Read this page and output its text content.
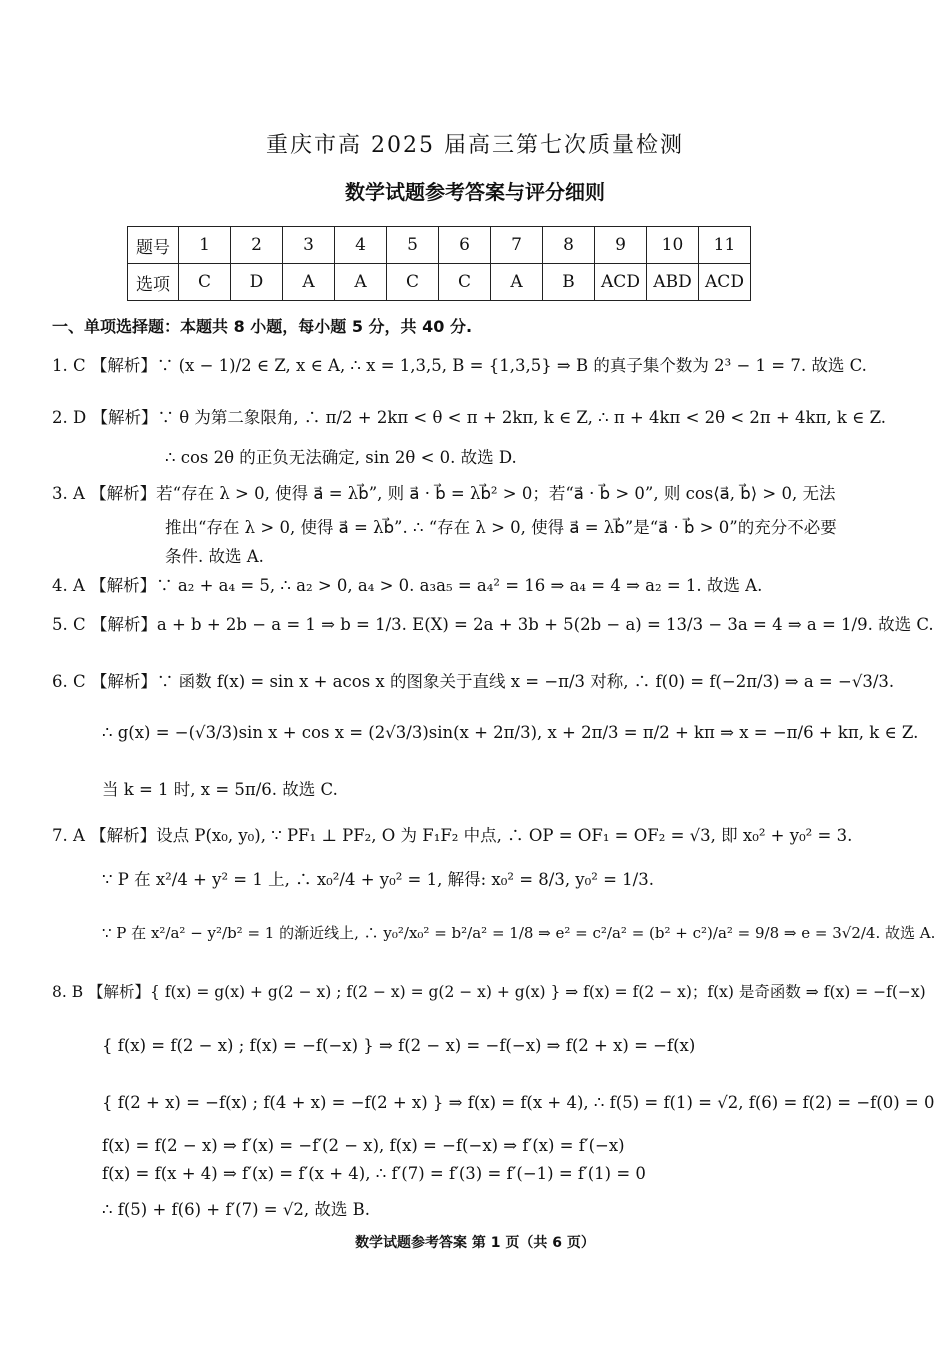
重庆市高 2025 届高三第七次质量检测
数学试题参考答案与评分细则
题号	1	2	3	4	5	6	7	8	9	10	11
选项	C	D	A	A	C	C	A	B	ACD	ABD	ACD
一、单项选择题：本题共 8 小题，每小题 5 分，共 40 分.
1. C 【解析】∵ (x − 1)/2 ∈ Z, x ∈ A, ∴ x = 1,3,5, B = {1,3,5} ⇒ B 的真子集个数为 2³ − 1 = 7. 故选 C.
2. D 【解析】∵ θ 为第二象限角, ∴ π/2 + 2kπ < θ < π + 2kπ, k ∈ Z, ∴ π + 4kπ < 2θ < 2π + 4kπ, k ∈ Z.
∴ cos 2θ 的正负无法确定, sin 2θ < 0. 故选 D.
3. A 【解析】若“存在 λ > 0, 使得 a⃗ = λb⃗”, 则 a⃗ · b⃗ = λb⃗² > 0；若“a⃗ · b⃗ > 0”, 则 cos⟨a⃗, b⃗⟩ > 0, 无法
推出“存在 λ > 0, 使得 a⃗ = λb⃗”. ∴ “存在 λ > 0, 使得 a⃗ = λb⃗”是“a⃗ · b⃗ > 0”的充分不必要
条件. 故选 A.
4. A 【解析】∵ a₂ + a₄ = 5, ∴ a₂ > 0, a₄ > 0. a₃a₅ = a₄² = 16 ⇒ a₄ = 4 ⇒ a₂ = 1. 故选 A.
5. C 【解析】a + b + 2b − a = 1 ⇒ b = 1/3. E(X) = 2a + 3b + 5(2b − a) = 13/3 − 3a = 4 ⇒ a = 1/9. 故选 C.
6. C 【解析】∵ 函数 f(x) = sin x + acos x 的图象关于直线 x = −π/3 对称, ∴ f(0) = f(−2π/3) ⇒ a = −√3/3.
∴ g(x) = −(√3/3)sin x + cos x = (2√3/3)sin(x + 2π/3), x + 2π/3 = π/2 + kπ ⇒ x = −π/6 + kπ, k ∈ Z.
当 k = 1 时, x = 5π/6. 故选 C.
7. A 【解析】设点 P(x₀, y₀), ∵ PF₁ ⊥ PF₂, O 为 F₁F₂ 中点, ∴ OP = OF₁ = OF₂ = √3, 即 x₀² + y₀² = 3.
∵ P 在 x²/4 + y² = 1 上, ∴ x₀²/4 + y₀² = 1, 解得: x₀² = 8/3, y₀² = 1/3.
∵ P 在 x²/a² − y²/b² = 1 的渐近线上, ∴ y₀²/x₀² = b²/a² = 1/8 ⇒ e² = c²/a² = (b² + c²)/a² = 9/8 ⇒ e = 3√2/4. 故选 A.
8. B 【解析】{ f(x) = g(x) + g(2 − x) ; f(2 − x) = g(2 − x) + g(x) } ⇒ f(x) = f(2 − x)；f(x) 是奇函数 ⇒ f(x) = −f(−x)
{ f(x) = f(2 − x) ; f(x) = −f(−x) } ⇒ f(2 − x) = −f(−x) ⇒ f(2 + x) = −f(x)
{ f(2 + x) = −f(x) ; f(4 + x) = −f(2 + x) } ⇒ f(x) = f(x + 4), ∴ f(5) = f(1) = √2, f(6) = f(2) = −f(0) = 0
f(x) = f(2 − x) ⇒ f′(x) = −f′(2 − x), f(x) = −f(−x) ⇒ f′(x) = f′(−x)
f(x) = f(x + 4) ⇒ f′(x) = f′(x + 4), ∴ f′(7) = f′(3) = f′(−1) = f′(1) = 0
∴ f(5) + f(6) + f′(7) = √2, 故选 B.
数学试题参考答案 第 1 页（共 6 页）
